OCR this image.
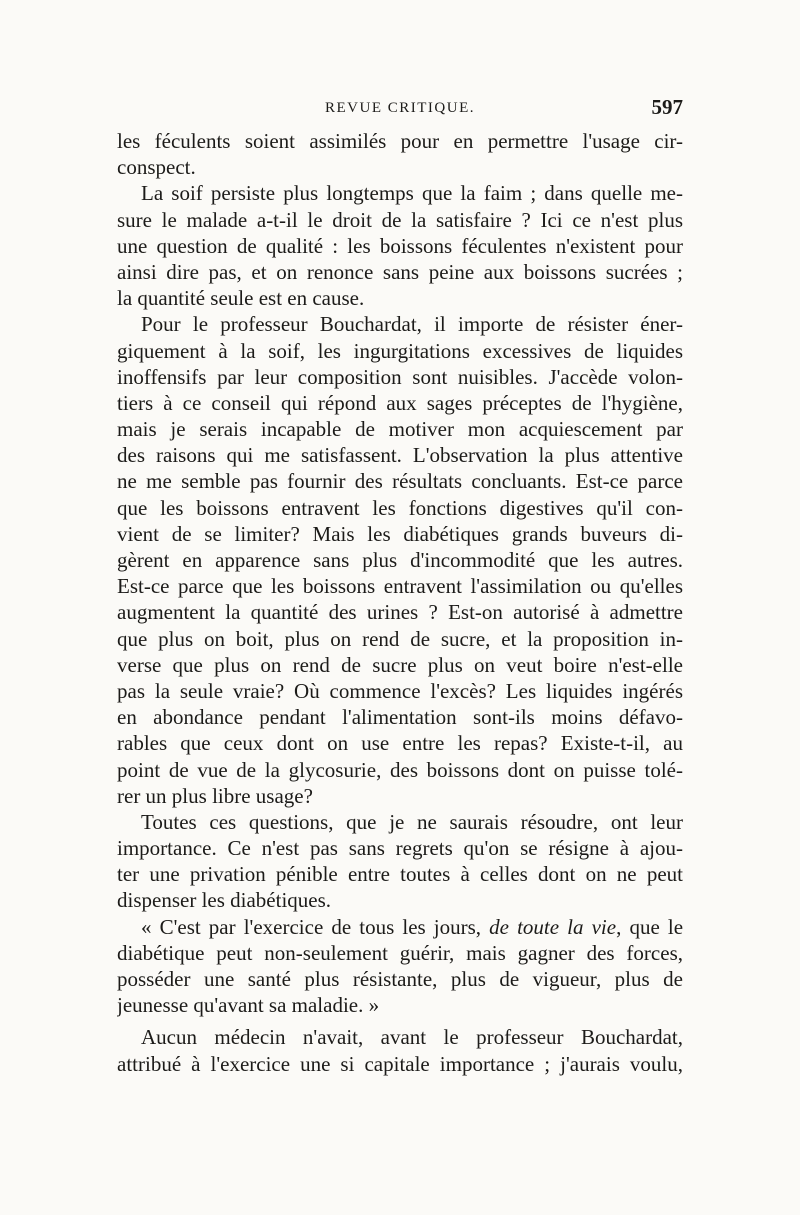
REVUE CRITIQUE.	597
les féculents soient assimilés pour en permettre l'usage cir-
conspect.
La soif persiste plus longtemps que la faim ; dans quelle me-
sure le malade a-t-il le droit de la satisfaire ? Ici ce n'est plus
une question de qualité : les boissons féculentes n'existent pour
ainsi dire pas, et on renonce sans peine aux boissons sucrées ;
la quantité seule est en cause.
Pour le professeur Bouchardat, il importe de résister éner-
giquement à la soif, les ingurgitations excessives de liquides
inoffensifs par leur composition sont nuisibles. J'accède volon-
tiers à ce conseil qui répond aux sages préceptes de l'hygiène,
mais je serais incapable de motiver mon acquiescement par
des raisons qui me satisfassent. L'observation la plus attentive
ne me semble pas fournir des résultats concluants. Est-ce parce
que les boissons entravent les fonctions digestives qu'il con-
vient de se limiter? Mais les diabétiques grands buveurs di-
gèrent en apparence sans plus d'incommodité que les autres.
Est-ce parce que les boissons entravent l'assimilation ou qu'elles
augmentent la quantité des urines ? Est-on autorisé à admettre
que plus on boit, plus on rend de sucre, et la proposition in-
verse que plus on rend de sucre plus on veut boire n'est-elle
pas la seule vraie? Où commence l'excès? Les liquides ingérés
en abondance pendant l'alimentation sont-ils moins défavo-
rables que ceux dont on use entre les repas? Existe-t-il, au
point de vue de la glycosurie, des boissons dont on puisse tolé-
rer un plus libre usage?
Toutes ces questions, que je ne saurais résoudre, ont leur
importance. Ce n'est pas sans regrets qu'on se résigne à ajou-
ter une privation pénible entre toutes à celles dont on ne peut
dispenser les diabétiques.
« C'est par l'exercice de tous les jours, de toute la vie, que le
diabétique peut non-seulement guérir, mais gagner des forces,
posséder une santé plus résistante, plus de vigueur, plus de
jeunesse qu'avant sa maladie. »
Aucun médecin n'avait, avant le professeur Bouchardat,
attribué à l'exercice une si capitale importance ; j'aurais voulu,
